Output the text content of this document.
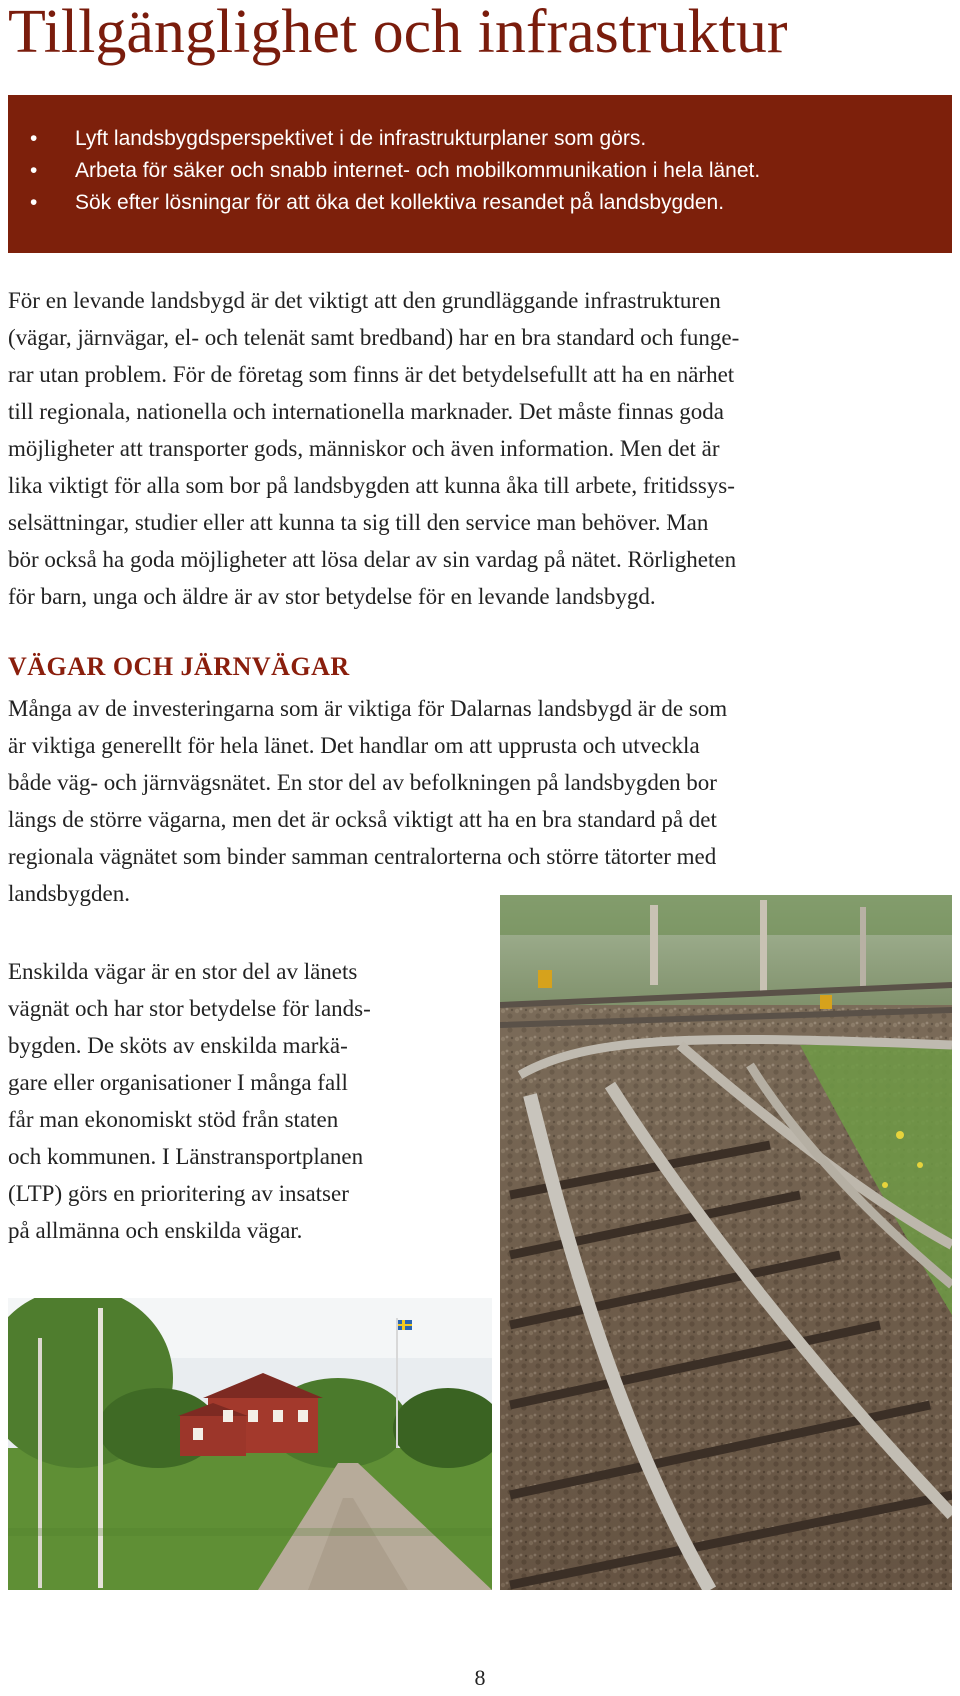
Tillgänglighet och infrastruktur
• Lyft landsbygdsperspektivet i de infrastrukturplaner som görs.
• Arbeta för säker och snabb internet- och mobilkommunikation i hela länet.
• Sök efter lösningar för att öka det kollektiva resandet på landsbygden.

För en levande landsbygd är det viktigt att den grundläggande infrastrukturen
(vägar, järnvägar, el- och telenät samt bredband) har en bra standard och funge-
rar utan problem. För de företag som finns är det betydelsefullt att ha en närhet
till regionala, nationella och internationella marknader. Det måste finnas goda
möjligheter att transporter gods, människor och även information. Men det är
lika viktigt för alla som bor på landsbygden att kunna åka till arbete, fritidssys-
selsättningar, studier eller att kunna ta sig till den service man behöver. Man
bör också ha goda möjligheter att lösa delar av sin vardag på nätet. Rörligheten
för barn, unga och äldre är av stor betydelse för en levande landsbygd.

VÄGAR OCH JÄRNVÄGAR

Många av de investeringarna som är viktiga för Dalarnas landsbygd är de som
är viktiga generellt för hela länet. Det handlar om att upprusta och utveckla
både väg- och järnvägsnätet. En stor del av befolkningen på landsbygden bor
längs de större vägarna, men det är också viktigt att ha en bra standard på det
regionala vägnätet som binder samman centralorterna och större tätorter med
landsbygden.

Enskilda vägar är en stor del av länets
vägnät och har stor betydelse för lands-
bygden. De sköts av enskilda markä-
gare eller organisationer I många fall
får man ekonomiskt stöd från staten
och kommunen. I Länstransportplanen
(LTP) görs en prioritering av insatser
på allmänna och enskilda vägar.

8
